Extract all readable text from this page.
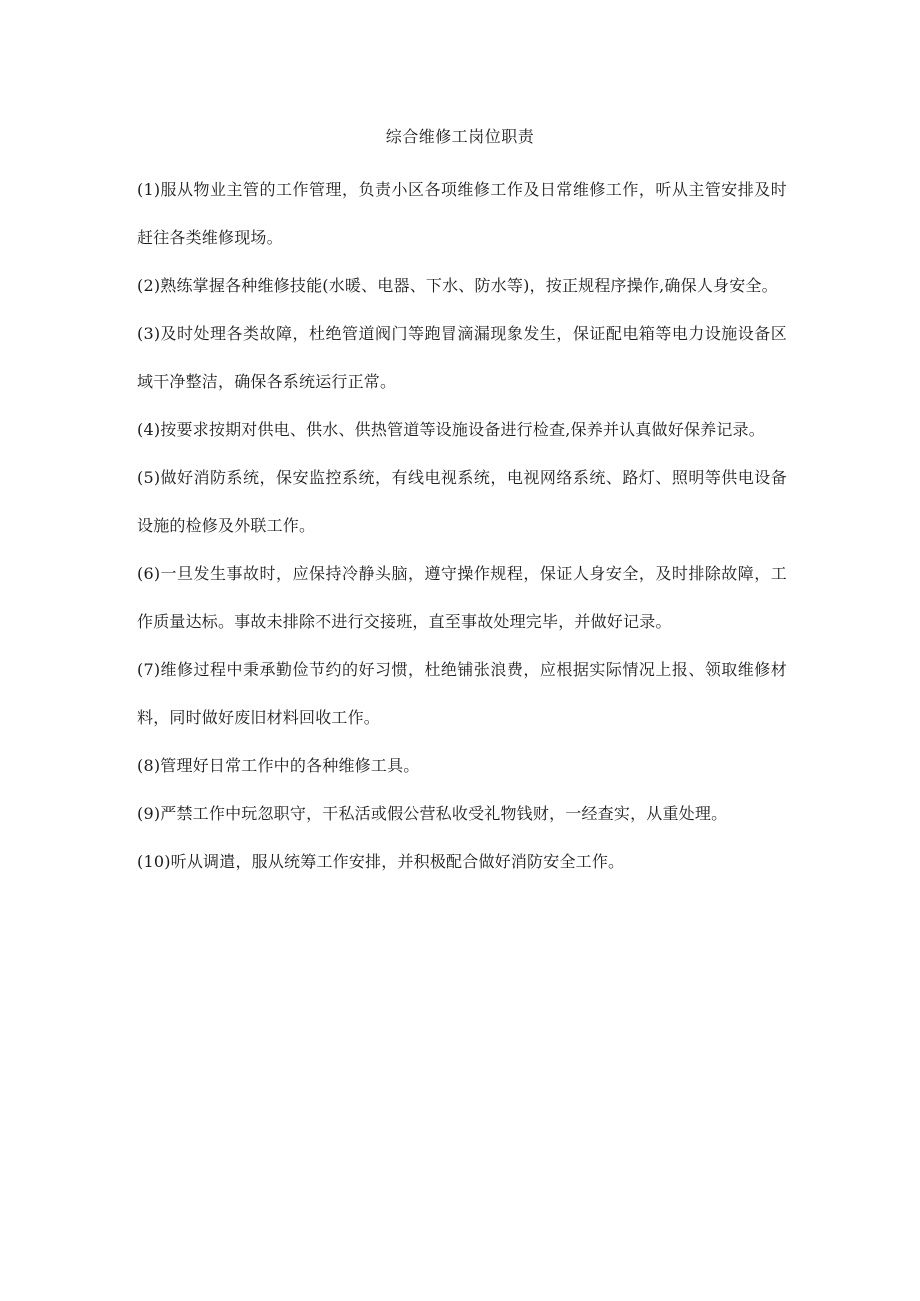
综合维修工岗位职责
(1)服从物业主管的工作管理，负责小区各项维修工作及日常维修工作，听从主管安排及时赶往各类维修现场。
(2)熟练掌握各种维修技能(水暖、电器、下水、防水等)，按正规程序操作,确保人身安全。
(3)及时处理各类故障，杜绝管道阀门等跑冒滴漏现象发生，保证配电箱等电力设施设备区域干净整洁，确保各系统运行正常。
(4)按要求按期对供电、供水、供热管道等设施设备进行检查,保养并认真做好保养记录。
(5)做好消防系统，保安监控系统，有线电视系统，电视网络系统、路灯、照明等供电设备设施的检修及外联工作。
(6)一旦发生事故时，应保持冷静头脑，遵守操作规程，保证人身安全，及时排除故障，工作质量达标。事故未排除不进行交接班，直至事故处理完毕，并做好记录。
(7)维修过程中秉承勤俭节约的好习惯，杜绝铺张浪费，应根据实际情况上报、领取维修材料，同时做好废旧材料回收工作。
(8)管理好日常工作中的各种维修工具。
(9)严禁工作中玩忽职守，干私活或假公营私收受礼物钱财，一经查实，从重处理。
(10)听从调遣，服从统筹工作安排，并积极配合做好消防安全工作。
